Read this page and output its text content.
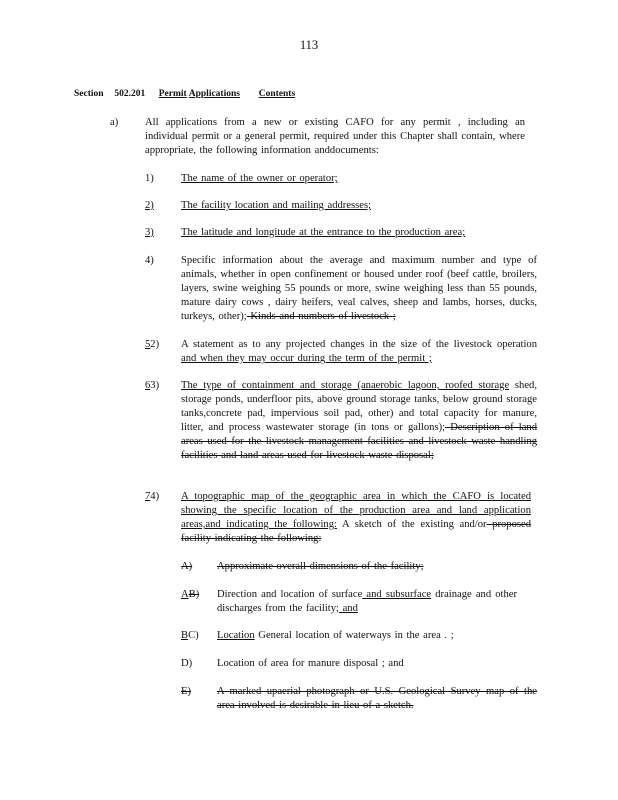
113
Section 502.201 Permit Applications Contents
a)	All applications from a new or existing CAFO for any permit , including an individual permit or a general permit, required under this Chapter shall contain, where appropriate, the following information anddocuments:
1)	The name of the owner or operator;
2)	The facility location and mailing addresses;
3)	The latitude and longitude at the entrance to the production area;
4)	Specific information about the average and maximum number and type of animals, whether in open confinement or housed under roof (beef cattle, broilers, layers, swine weighing 55 pounds or more, swine weighing less than 55 pounds, mature dairy cows , dairy heifers, veal calves, sheep and lambs, horses, ducks, turkeys, other); Kinds and numbers of livestock ;
52) A statement as to any projected changes in the size of the livestock operation and when they may occur during the term of the permit ;
63) The type of containment and storage (anaerobic lagoon, roofed storage shed, storage ponds, underfloor pits, above ground storage tanks, below ground storage tanks,concrete pad, impervious soil pad, other) and total capacity for manure, litter, and process wastewater storage (in tons or gallons); Description of land areas used for the livestock management facilities and livestock waste handling facilities and land areas used for livestock waste disposal;
74) A topographic map of the geographic area in which the CAFO is located showing the specific location of the production area and land application areas,and indicating the following: A sketch of the existing and/or proposed facility indicating the following:
A) Approximate overall dimensions of the facility;
AB) Direction and location of surface and subsurface drainage and other discharges from the facility; and
BC) Location General location of waterways in the area . ;
D) Location of area for manure disposal ; and
E) A marked upaerial photograph or U.S. Geological Survey map of the area involved is desirable in lieu of a sketch.
